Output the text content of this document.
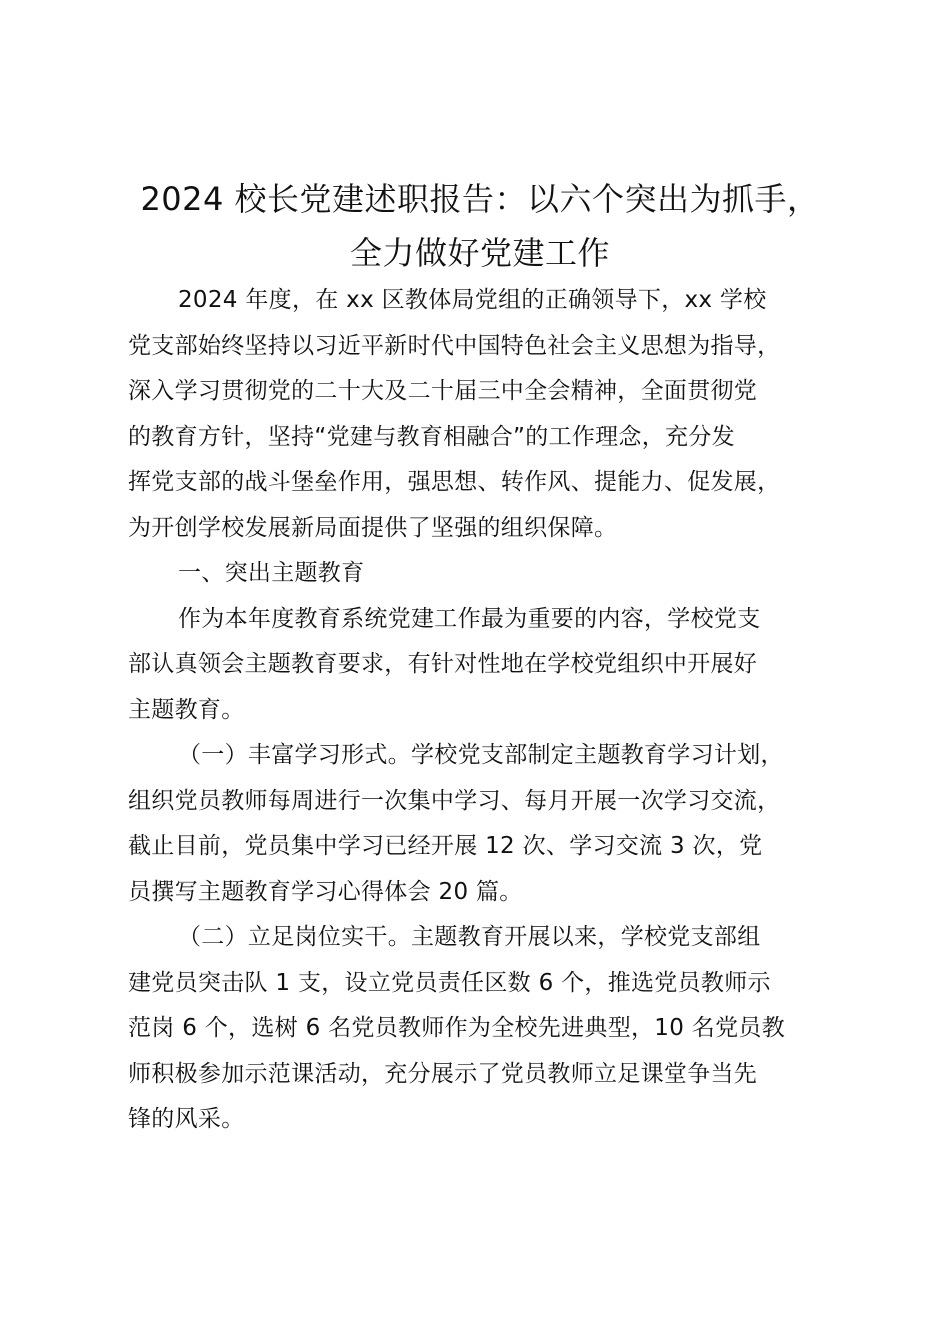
2024 校长党建述职报告：以六个突出为抓手，
全力做好党建工作
2024 年度，在 xx 区教体局党组的正确领导下，xx 学校
党支部始终坚持以习近平新时代中国特色社会主义思想为指导，
深入学习贯彻党的二十大及二十届三中全会精神，全面贯彻党
的教育方针，坚持“党建与教育相融合”的工作理念，充分发
挥党支部的战斗堡垒作用，强思想、转作风、提能力、促发展，
为开创学校发展新局面提供了坚强的组织保障。
一、突出主题教育
作为本年度教育系统党建工作最为重要的内容，学校党支
部认真领会主题教育要求，有针对性地在学校党组织中开展好
主题教育。
（一）丰富学习形式。学校党支部制定主题教育学习计划，
组织党员教师每周进行一次集中学习、每月开展一次学习交流，
截止目前，党员集中学习已经开展 12 次、学习交流 3 次，党
员撰写主题教育学习心得体会 20 篇。
（二）立足岗位实干。主题教育开展以来，学校党支部组
建党员突击队 1 支，设立党员责任区数 6 个，推选党员教师示
范岗 6 个，选树 6 名党员教师作为全校先进典型，10 名党员教
师积极参加示范课活动，充分展示了党员教师立足课堂争当先
锋的风采。
